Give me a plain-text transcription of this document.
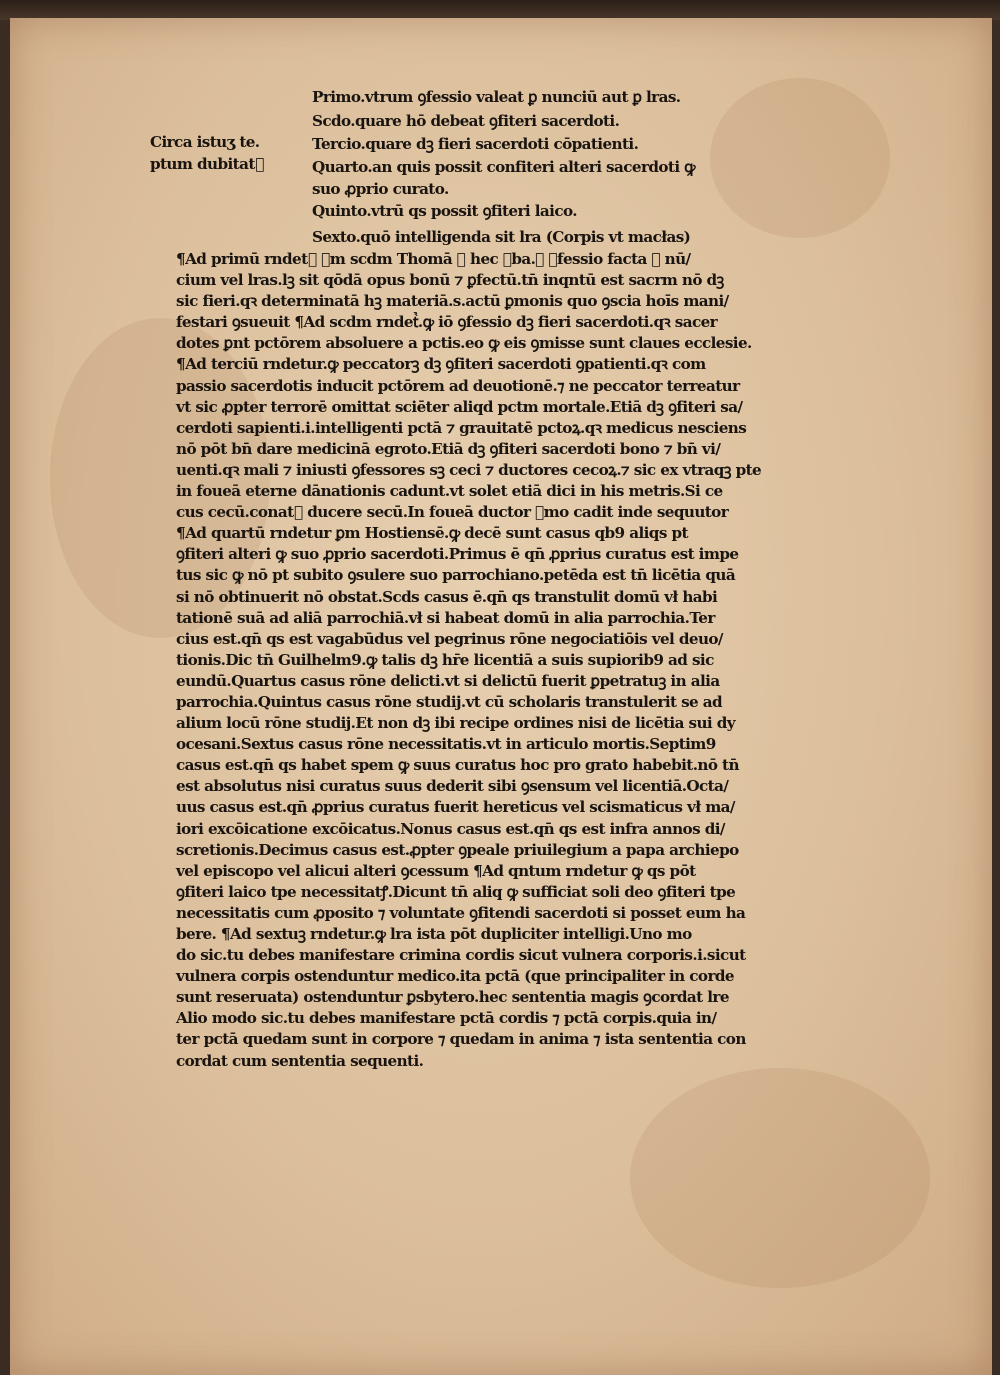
Circa istuʒ te.
ptum dubitatᷣ
Primo.vtrum ꝯfessio valeat ꝑ nunciū aut ꝑ lras.
Scdo.quare hō debeat ꝯfiteri sacerdoti.
Tercio.quare dꝫ fieri sacerdoti cōpatienti.
Quarto.an quis possit confiteri alteri sacerdoti ꝙ
suo ꝓprio curato.
Quinto.vtrū qs possit ꝯfiteri laico.
Sexto.quō intelligenda sit lra (Corpis vt macłas)
¶Ad primū rndetᷣ ꝑm scdm Thomā ꝑ hec ꝟba.ꝙ ꝯfessio facta ꝑ nū/
cium vel lras.lꝫ sit qōdā opus bonū ⁊ ꝑfectū.tn̄ inqntū est sacrm nō dꝫ
sic fieri.qꝛ determinatā hꝫ materiā.s.actū ꝑmonis quo ꝯscia hoīs mani/
festari ꝯsueuit ¶Ad scdm rndetᷣ.ꝙ iō ꝯfessio dꝫ fieri sacerdoti.qꝛ sacer
dotes ꝑnt pctōrem absoluere a pctis.eo ꝙ eis ꝯmisse sunt claues ecclesie.
¶Ad terciū rndetur.ꝙ peccatorꝫ dꝫ ꝯfiteri sacerdoti ꝯpatienti.qꝛ com
passio sacerdotis inducit pctōrem ad deuotionē.⁊ ne peccator terreatur
vt sic ꝓpter terrorē omittat sciēter aliqd pctm mortale.Etiā dꝫ ꝯfiteri sa/
cerdoti sapienti.i.intelligenti pctā ⁊ grauitatē pctoꝝ.qꝛ medicus nesciens
nō pōt bn̄ dare medicinā egroto.Etiā dꝫ ꝯfiteri sacerdoti bono ⁊ bn̄ vi/
uenti.qꝛ mali ⁊ iniusti ꝯfessores sꝫ ceci ⁊ ductores cecoꝝ.⁊ sic ex vtraqꝫ pte
in foueā eterne dānationis cadunt.vt solet etiā dici in his metris.Si ce
cus cecū.conatᷣ ducere secū.In foueā ductor ꝑmo cadit inde sequutor
¶Ad quartū rndetur ꝑm Hostiensē.ꝙ decē sunt casus qb9 aliqs pt
ꝯfiteri alteri ꝙ suo ꝓprio sacerdoti.Primus ē qn̄ ꝓprius curatus est impe
tus sic ꝙ nō pt subito ꝯsulere suo parrochiano.petēda est tn̄ licētia quā
si nō obtinuerit nō obstat.Scds casus ē.qn̄ qs transtulit domū vł habi
tationē suā ad aliā parrochiā.vł si habeat domū in alia parrochia.Ter
cius est.qn̄ qs est vagabūdus vel pegrinus rōne negociatiōis vel deuo/
tionis.Dic tn̄ Guilhelm9.ꝙ talis dꝫ hr̄e licentiā a suis supiorib9 ad sic
eundū.Quartus casus rōne delicti.vt si delictū fuerit ꝑpetratuꝫ in alia
parrochia.Quintus casus rōne studij.vt cū scholaris transtulerit se ad
alium locū rōne studij.Et non dꝫ ibi recipe ordines nisi de licētia sui dy
ocesani.Sextus casus rōne necessitatis.vt in articulo mortis.Septim9
casus est.qn̄ qs habet spem ꝙ suus curatus hoc pro grato habebit.nō tn̄
est absolutus nisi curatus suus dederit sibi ꝯsensum vel licentiā.Octa/
uus casus est.qn̄ ꝓprius curatus fuerit hereticus vel scismaticus vł ma/
iori excōicatione excōicatus.Nonus casus est.qn̄ qs est infra annos di/
scretionis.Decimus casus est.ꝓpter ꝯpeale priuilegium a papa archiepo
vel episcopo vel alicui alteri ꝯcessum ¶Ad qntum rndetur ꝙ qs pōt
ꝯfiteri laico tpe necessitatꝭ.Dicunt tn̄ aliq ꝙ sufficiat soli deo ꝯfiteri tpe
necessitatis cum ꝓposito ⁊ voluntate ꝯfitendi sacerdoti si posset eum ha
bere. ¶Ad sextuꝫ rndetur.ꝙ lra ista pōt dupliciter intelligi.Uno mo
do sic.tu debes manifestare crimina cordis sicut vulnera corporis.i.sicut
vulnera corpis ostenduntur medico.ita pctā (que principaliter in corde
sunt reseruata) ostenduntur ꝑsbytero.hec sententia magis ꝯcordat lre
Alio modo sic.tu debes manifestare pctā cordis ⁊ pctā corpis.quia in/
ter pctā quedam sunt in corpore ⁊ quedam in anima ⁊ ista sententia con
cordat cum sententia sequenti.
